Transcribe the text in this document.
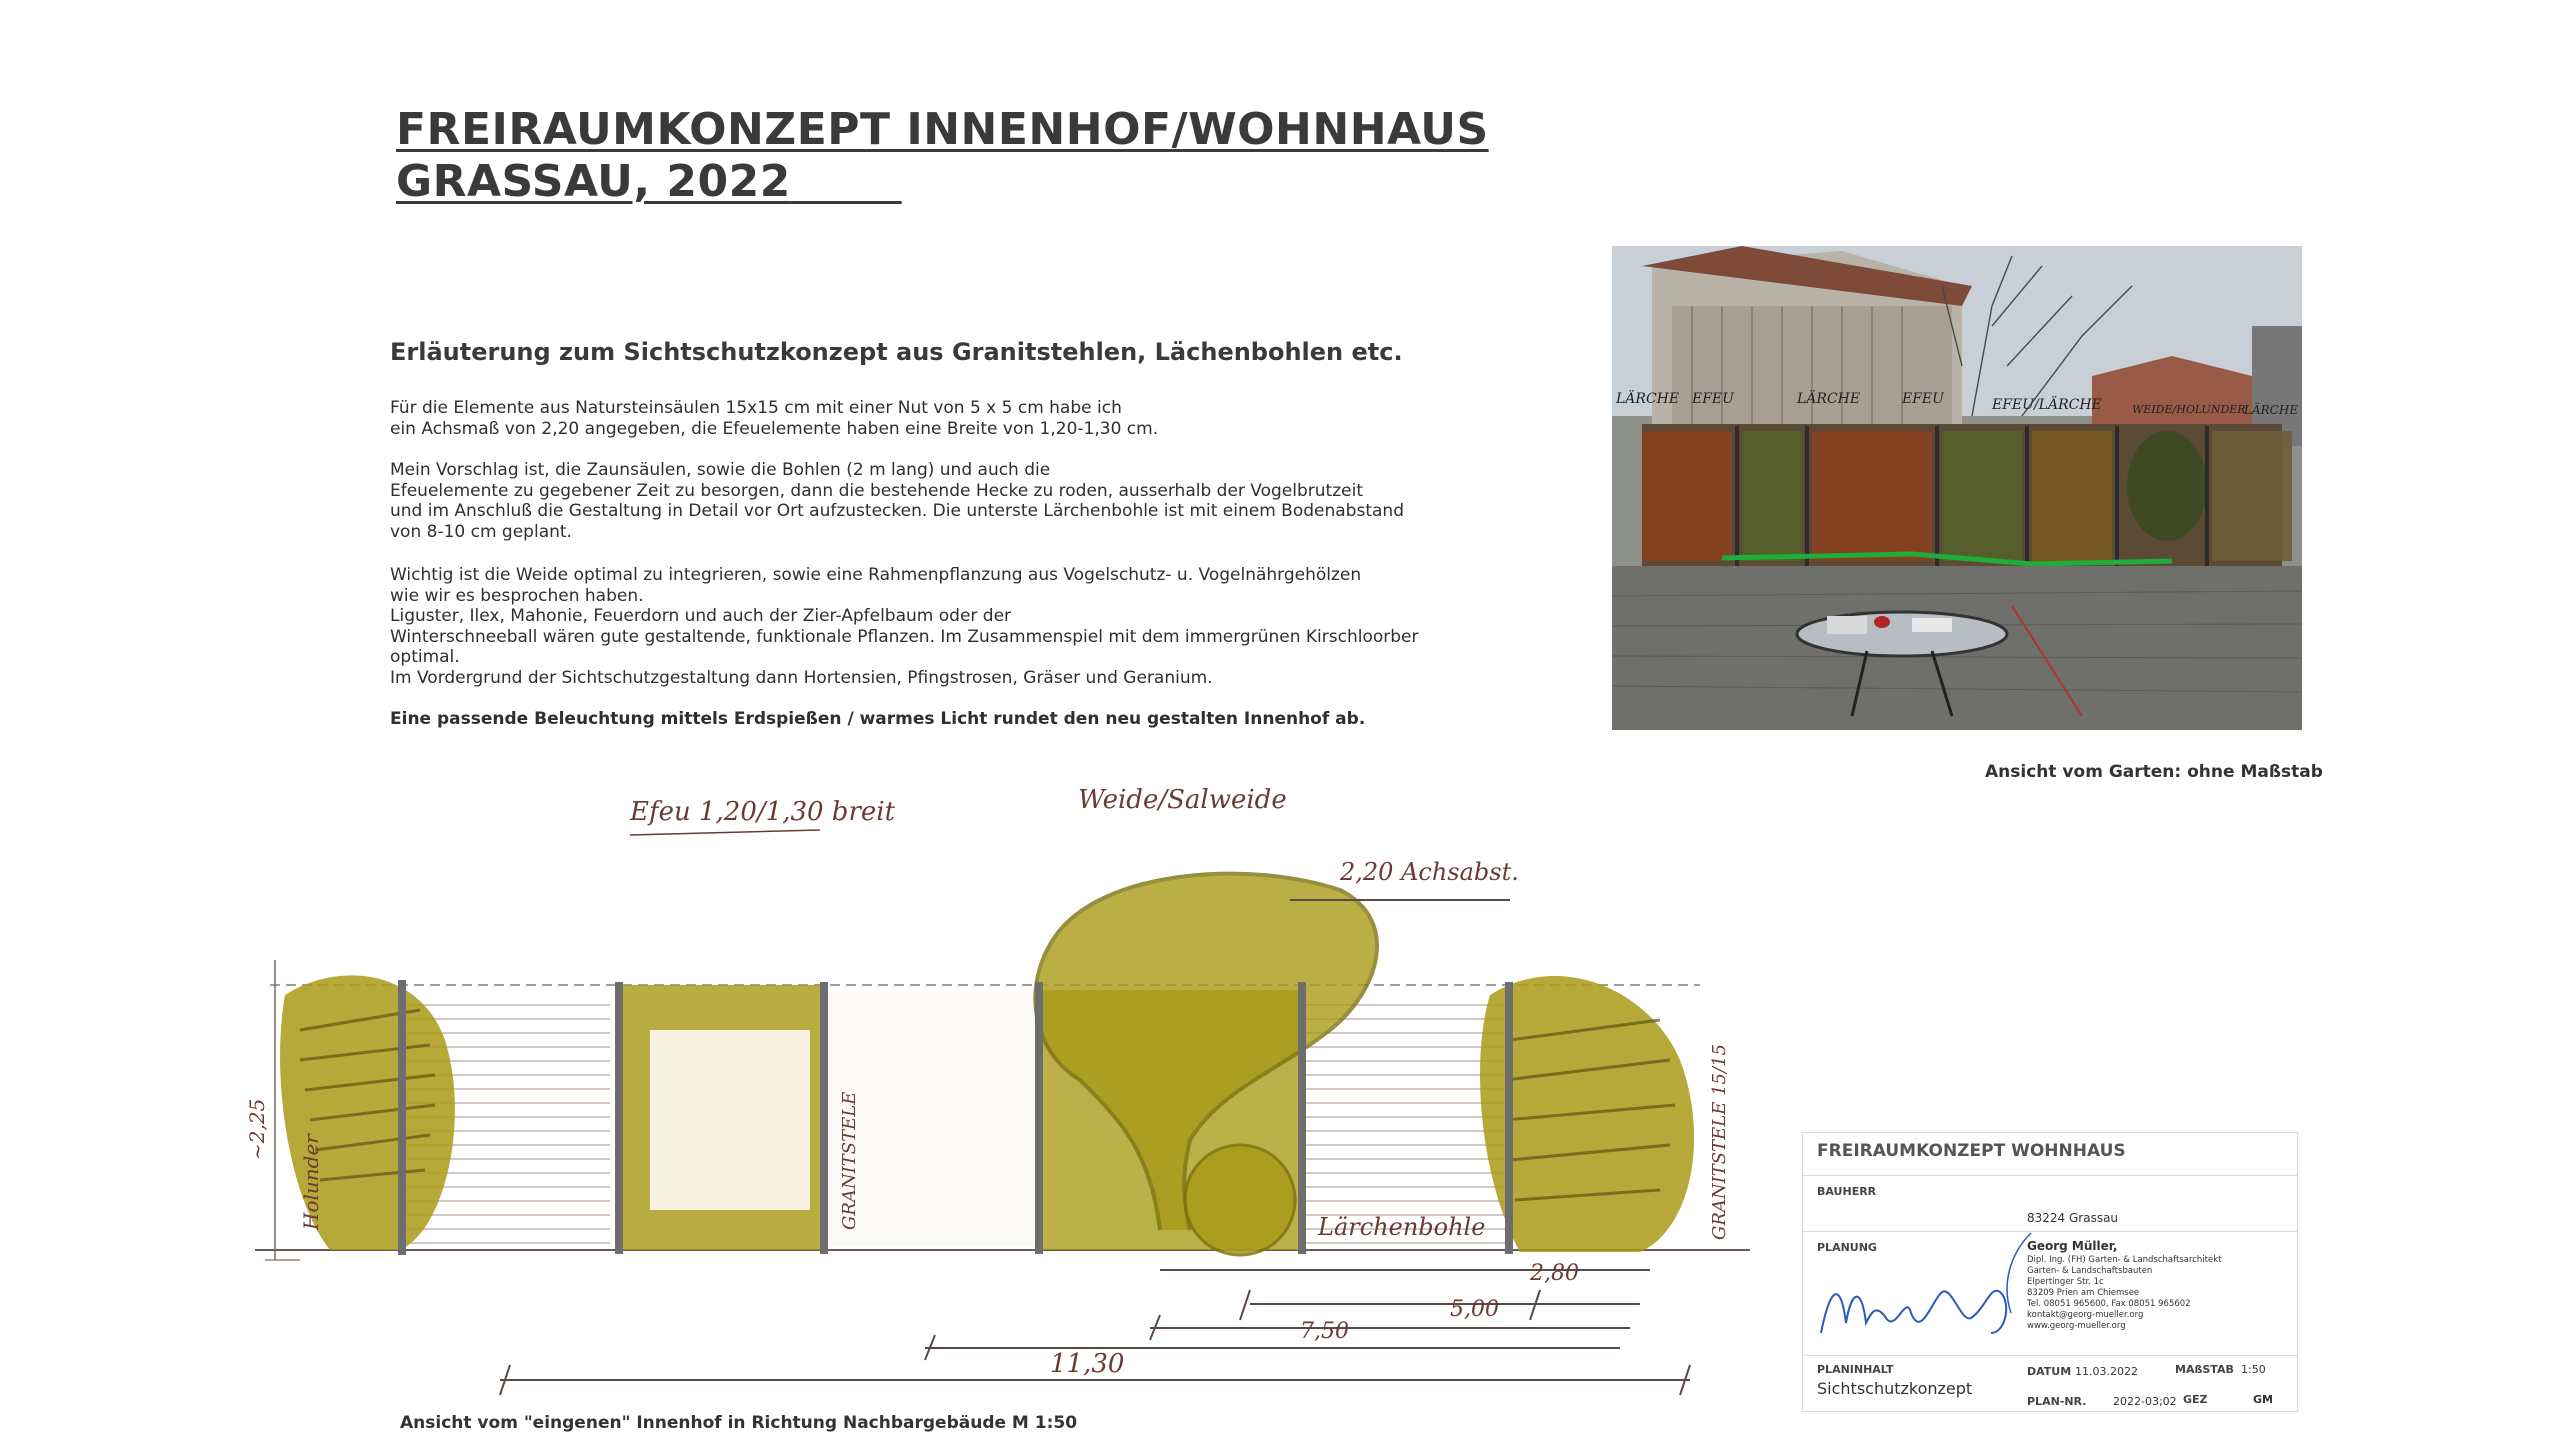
FREIRAUMKONZEPT INNENHOF/WOHNHAUS
GRASSAU, 2022
Erläuterung zum Sichtschutzkonzept aus Granitstehlen, Lächenbohlen etc.
Für die Elemente aus Natursteinsäulen 15x15 cm mit einer Nut von 5 x 5 cm habe ich
ein Achsmaß von 2,20 angegeben, die Efeuelemente haben eine Breite von 1,20-1,30 cm.
Mein Vorschlag ist, die Zaunsäulen, sowie die Bohlen (2 m lang) und auch die
Efeuelemente zu gegebener Zeit zu besorgen, dann die bestehende Hecke zu roden, ausserhalb der Vogelbrutzeit
und im Anschluß die Gestaltung in Detail vor Ort aufzustecken. Die unterste Lärchenbohle ist mit einem Bodenabstand
von 8-10 cm geplant.
Wichtig ist die Weide optimal zu integrieren, sowie eine Rahmenpflanzung aus Vogelschutz- u. Vogelnährgehölzen
wie wir es besprochen haben.
Liguster, Ilex, Mahonie, Feuerdorn und auch der Zier-Apfelbaum oder der
Winterschneeball wären gute gestaltende, funktionale Pflanzen. Im Zusammenspiel mit dem immergrünen Kirschloorber
optimal.
Im Vordergrund der Sichtschutzgestaltung dann Hortensien, Pfingstrosen, Gräser und Geranium.
Eine passende Beleuchtung mittels Erdspießen / warmes Licht rundet den neu gestalten Innenhof ab.
LÄRCHE EFEU	LÄRCHE	EFEU	EFEU/LÄRCHE	WEIDE/HOLUNDER
LÄRCHE
Ansicht vom Garten: ohne Maßstab
Efeu 1,20/1,30 breit	Weide/Salweide
2,20 Achsabst.
Lärchenbohle
2,80
5,00
7,50
11,30
Holunder
~2,25	GRANITSTELE	GRANITSTELE 15/15
Ansicht vom "eingenen" Innenhof in Richtung Nachbargebäude M 1:50
FREIRAUMKONZEPT WOHNHAUS
BAUHERR
83224 Grassau
PLANUNG	Georg Müller,
Dipl. Ing. (FH) Garten- & Landschaftsarchitekt
Garten- & Landschaftsbauten
Elpertinger Str. 1c
83209 Prien am Chiemsee
Tel. 08051 965600, Fax 08051 965602
kontakt@georg-mueller.org
www.georg-mueller.org
PLANINHALT
Sichtschutzkonzept
DATUM 11.03.2022	MAßSTAB 1:50
PLAN-NR. 2022-03;02 GEZ	GM
